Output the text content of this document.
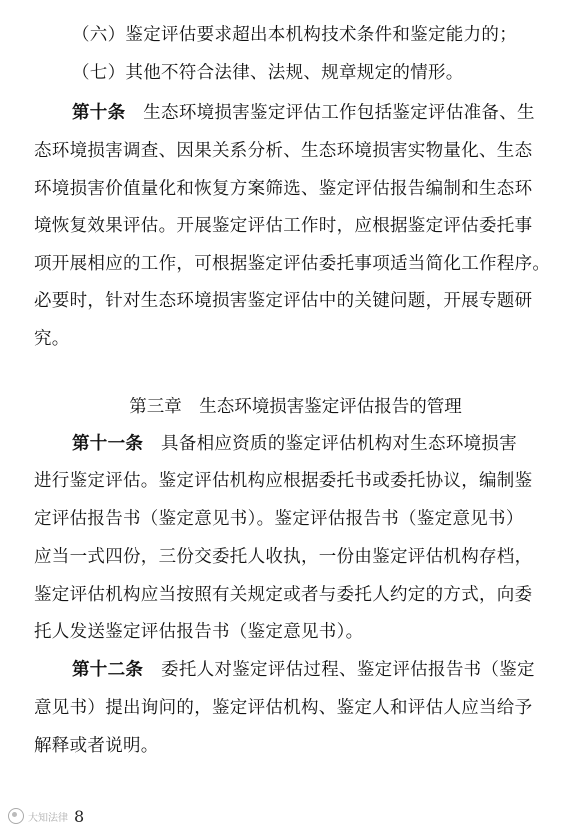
（六）鉴定评估要求超出本机构技术条件和鉴定能力的；
（七）其他不符合法律、法规、规章规定的情形。
第十条　 生态环境损害鉴定评估工作包括鉴定评估准备、生
态环境损害调查、因果关系分析、生态环境损害实物量化、生态
环境损害价值量化和恢复方案筛选、鉴定评估报告编制和生态环
境恢复效果评估。开展鉴定评估工作时，应根据鉴定评估委托事
项开展相应的工作，可根据鉴定评估委托事项适当简化工作程序。
必要时，针对生态环境损害鉴定评估中的关键问题，开展专题研
究。
第三章　生态环境损害鉴定评估报告的管理
第十一条　 具备相应资质的鉴定评估机构对生态环境损害
进行鉴定评估。鉴定评估机构应根据委托书或委托协议，编制鉴
定评估报告书（鉴定意见书）。鉴定评估报告书（鉴定意见书）
应当一式四份，三份交委托人收执，一份由鉴定评估机构存档，
鉴定评估机构应当按照有关规定或者与委托人约定的方式，向委
托人发送鉴定评估报告书（鉴定意见书）。
第十二条　 委托人对鉴定评估过程、鉴定评估报告书（鉴定
意见书）提出询问的，鉴定评估机构、鉴定人和评估人应当给予
解释或者说明。
大知法律 8
